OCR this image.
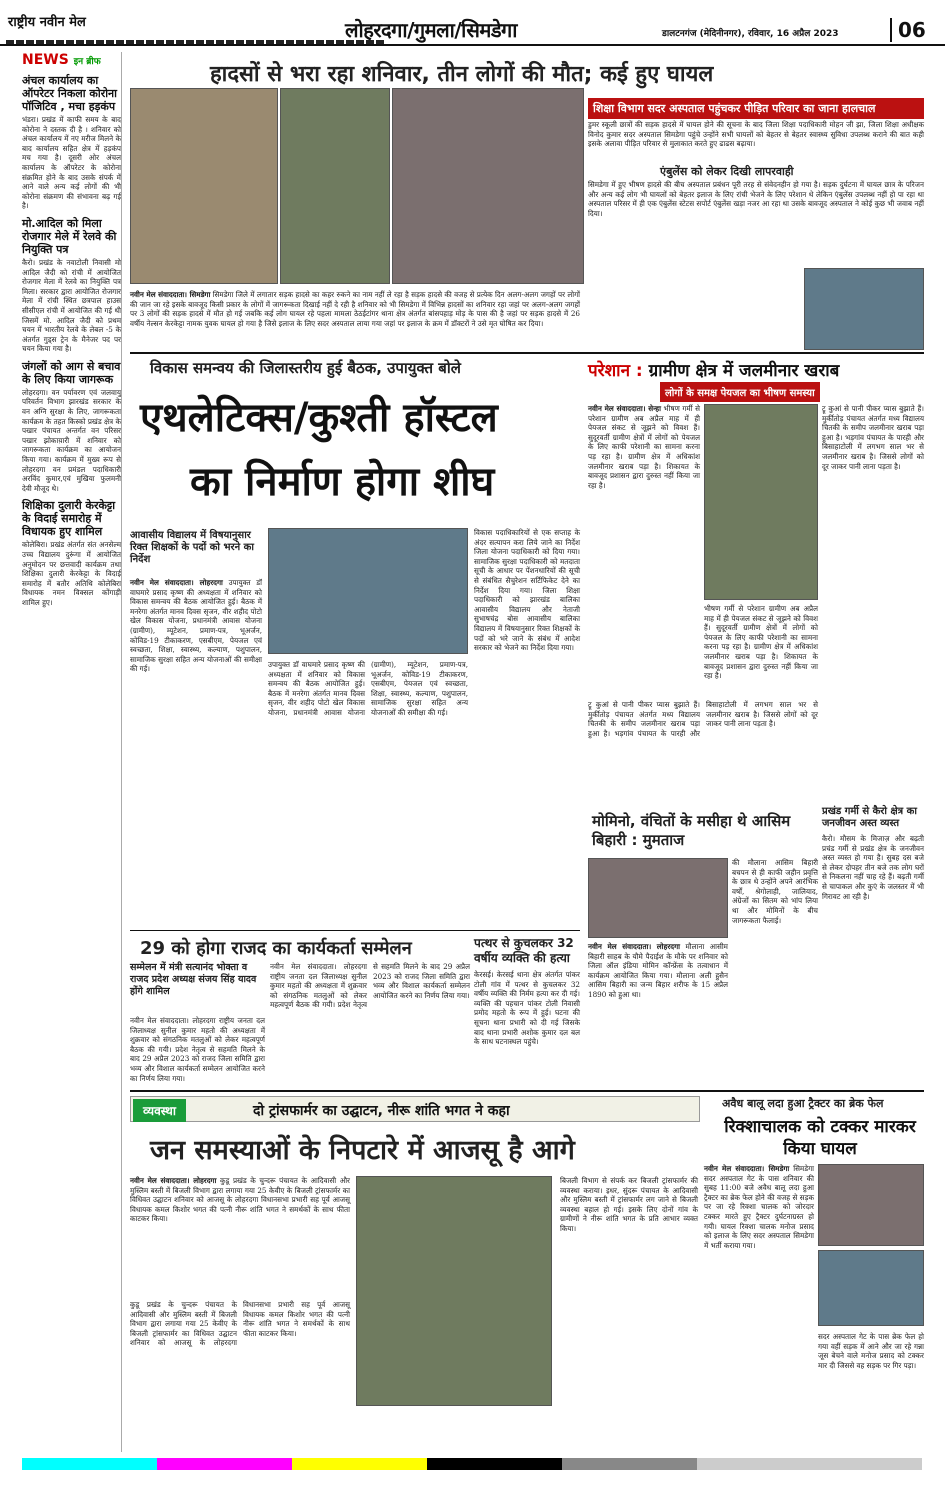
राष्ट्रीय नवीन मेल	लोहरदगा/गुमला/सिमडेगा	डालटनगंज (मेदिनीनगर), रविवार, 16 अप्रैल 2023	06
NEWS इन ब्रीफ
अंचल कार्यालय का ऑपरेटर निकला कोरोना पॉजिटिव , मचा हड़कंप
भंडरा। प्रखंड में काफी समय के बाद कोरोना ने दस्तक दी है । शनिवार को अंचल कार्यालय में नए मरीज मिलने के बाद कार्यालय सहित क्षेत्र में हड़कंप मच गया है। दूसरी ओर अंचल कार्यालय के ऑपरेटर के कोरोना संक्रमित होने के बाद उसके संपर्क में आने वाले अन्य कई लोगों की भी कोरोना संक्रमण की संभावना बढ़ गई है।
मो.आदिल को मिला रोजगार मेले में रेलवे की नियुक्ति पत्र
कैरो। प्रखंड के नवाटोली निवासी मो आदिल जैदी को रांची में आयोजित रोजगार मेला में रेलवे का नियुक्ति पत्र मिला। सरकार द्वारा आयोजित रोजगार मेला में रांची स्थित छत्रपाल हाउस सीसीएल रांची में आयोजित की गई थी जिसमें मो. आदिल जैदी को प्रथम चयन में भारतीय रेलवे के लेबल -5 के अंतर्गत गुड्स ट्रेन के मैनेजर पद पर चयन किया गया है।
जंगलों को आग से बचाव के लिए किया जागरूक
लोहरदगा। वन पर्यावरण एवं जलवायु परिवर्तन विभाग झारखंड सरकार के वन अग्नि सुरक्षा के लिए, जागरूकता कार्यक्रम के तहत किस्को प्रखंड क्षेत्र के पखार पंचायत अन्तर्गत वन परिसर पखार झोकाय़ारी में शनिवार को जागरूकता कार्यक्रम का आयोजन किया गया। कार्यक्रम में मुख्य रूप से लोहरदगा वन प्रमंडल पदाधिकारी अरविंद कुमार,एवं मुखिया फुलमनी देवी मौजूद थे।
शिक्षिका दुलारी केरकेट्टा के विदाई समारोह में विधायक हुए शामिल
कोलेबिरा। प्रखंड अंतर्गत संत अनसेल्म उच्च विद्यालय दुरूंगा में आयोजित अनुमोदन पर छत्तवादी कार्यक्रम तथा शिक्षिका दुलारी केरकेट्टा के विदाई समारोह में बतौर अतिथि कोलेबिरा विधायक नमन विक्सल कोंगाड़ी शामिल हुए।
हादसों से भरा रहा शनिवार, तीन लोगों की मौत; कई हुए घायल
शिक्षा विभाग सदर अस्पताल पहुंचकर पीड़ित परिवार का जाना हालचाल
डुमर स्कूली छात्रों की सड़क हादसे में घायल होने की सूचना के बाद जिला शिक्षा पदाधिकारी मोहन जी झा, जिला शिक्षा अधीक्षक विनोद कुमार सदर अस्पताल सिमडेगा पहुंचे उन्होंने सभी घायलों को बेहतर से बेहतर स्वास्थ्य सुविधा उपलब्ध कराने की बात कही इसके अलावा पीड़ित परिवार से मुलाकात करते हुए ढाढस बढ़ाया।
एंबुलेंस को लेकर दिखी लापरवाही
सिमडेगा में हुए भीषण हादसे की बीच अस्पताल प्रबंधन पूरी तरह से संवेदनहीन हो गया है। सड़क दुर्घटना में घायल छात्र के परिजन और अन्य कई लोग भी घायलों को बेहतर इलाज के लिए रांची भेजने के लिए परेशान थे लेकिन एंबुलेंस उपलब्ध नहीं हो पा रहा था अस्पताल परिसर में ही एक एंबुलेंस स्टेटस सपोर्ट एंबुलेंस खड़ा नजर आ रहा था उसके बावजूद अस्पताल ने कोई कुछ भी जवाब नहीं दिया।
नवीन मेल संवाददाता। सिमडेगा सिमडेगा जिले में लगातार सड़क हादसे का कहर रुकने का नाम नहीं ले रहा है सड़क हादसे की वजह से प्रत्येक दिन अलग-अलग जगहों पर लोगों की जान जा रहे इसके बावजूद किसी प्रकार के लोगों में जागरूकता दिखाई नहीं दे रही है शनिवार को भी सिमडेगा में विभिन्न हादसों का शनिवार रहा जहां पर अलग-अलग जगहों पर 3 लोगों की सड़क हादसे में मौत हो गई जबकि कई लोग घायल रहे पहला मामला ठेठईटांगर थाना क्षेत्र अंतर्गत बांसपहाड़ मोड़ के पास की है जहां पर सड़क हादसे में 26 वर्षीय नेल्सन केरकेट्टा नामक युवक घायल हो गया है जिसे इलाज के लिए सदर अस्पताल लाया गया जहां पर इलाज के क्रम में डॉक्टरों ने उसे मृत घोषित कर दिया।
विकास समन्वय की जिलास्तरीय हुई बैठक, उपायुक्त बोले
एथलेटिक्स/कुश्ती हॉस्टल
का निर्माण होगा शीघ
आवासीय विद्यालय में विषयानुसार रिक्त शिक्षकों के पदों को भरने का निर्देश
नवीन मेल संवाददाता। लोहरदगा उपायुक्त डॉ वाघमारे प्रसाद कृष्ण की अध्यक्षता में शनिवार को विकास समन्वय की बैठक आयोजित हुई। बैठक में मनरेगा अंतर्गत मानव दिवस सृजन, वीर शहीद पोटो खेल विकास योजना, प्रधानमंत्री आवास योजना (ग्रामीण), म्यूटेशन, प्रमाण-पत्र, भूअर्जन, कोविड-19 टीकाकरण, एसबीएम, पेयजल एवं स्वच्छता, शिक्षा, स्वास्थ्य, कल्याण, पशुपालन, सामाजिक सुरक्षा सहित अन्य योजनाओं की समीक्षा की गई।
विकास पदाधिकारियों से एक सप्ताह के अंदर सत्यापन करा लिये जाने का निर्देश जिला योजना पदाधिकारी को दिया गया। सामाजिक सुरक्षा पदाधिकारी को मतदाता सूची के आधार पर पेंशनधारियों की सूची से संबंधित सैचुरेशन सर्टिफिकेट देने का निर्देश दिया गया। जिला शिक्षा पदाधिकारी को झारखंड बालिका आवासीय विद्यालय और नेताजी सुभाषचंद्र बोस आवासीय बालिका विद्यालय में विषयानुसार रिक्त शिक्षकों के पदों को भरे जाने के संबंध में आदेश सरकार को भेजने का निर्देश दिया गया।
उपायुक्त डॉ वाघमारे प्रसाद कृष्ण की अध्यक्षता में शनिवार को विकास समन्वय की बैठक आयोजित हुई। बैठक में मनरेगा अंतर्गत मानव दिवस सृजन, वीर शहीद पोटो खेल विकास योजना, प्रधानमंत्री आवास योजना (ग्रामीण), म्यूटेशन, प्रमाण-पत्र, भूअर्जन, कोविड-19 टीकाकरण, एसबीएम, पेयजल एवं स्वच्छता, शिक्षा, स्वास्थ्य, कल्याण, पशुपालन, सामाजिक सुरक्षा सहित अन्य योजनाओं की समीक्षा की गई।
29 को होगा राजद का कार्यकर्ता सम्मेलन
सम्मेलन में मंत्री सत्यानंद भोक्ता व राजद प्रदेश अध्यक्ष संजय सिंह यादव होंगे शामिल
नवीन मेल संवाददाता। लोहरदगा राष्ट्रीय जनता दल जिलाध्यक्ष सुनील कुमार महतो की अध्यक्षता में शुक्रवार को संगठनिक मतलुओं को लेकर महत्वपूर्ण बैठक की गयी। प्रदेश नेतृत्व से सहमति मिलने के बाद 29 अप्रैल 2023 को राजद जिला समिति द्वारा भव्य और विशाल कार्यकर्ता सम्मेलन आयोजित करने का निर्णय लिया गया।
नवीन मेल संवाददाता। लोहरदगा राष्ट्रीय जनता दल जिलाध्यक्ष सुनील कुमार महतो की अध्यक्षता में शुक्रवार को संगठनिक मतलुओं को लेकर महत्वपूर्ण बैठक की गयी। प्रदेश नेतृत्व से सहमति मिलने के बाद 29 अप्रैल 2023 को राजद जिला समिति द्वारा भव्य और विशाल कार्यकर्ता सम्मेलन आयोजित करने का निर्णय लिया गया।
पत्थर से कुचलकर 32 वर्षीय व्यक्ति की हत्या
केरसई। केरसई थाना क्षेत्र अंतर्गत पांकर टोली गांव में पत्थर से कुचलकर 32 वर्षीय व्यक्ति की निर्मम हत्या कर दी गई। व्यक्ति की पहचान पांकर टोली निवासी प्रमोद महतो के रूप में हुई। घटना की सूचना थाना प्रभारी को दी गई जिसके बाद थाना प्रभारी अशोक कुमार दल बल के साथ घटनास्थल पहुंचे।
परेशान : ग्रामीण क्षेत्र में जलमीनार खराब
लोगों के समक्ष पेयजल का भीषण समस्या
नवीन मेल संवाददाता। सेन्हा भीषण गर्मी से परेशान ग्रामीण अब अप्रैल माह में ही पेयजल संकट से जूझने को विवश हैं। सुदूरवर्ती ग्रामीण क्षेत्रों में लोगों को पेयजल के लिए काफी परेशानी का सामना करना पड़ रहा है। ग्रामीण क्षेत्र में अधिकांश जलमीनार खराब पड़ा है। शिकायत के बावजूद प्रशासन द्वारा दुरुस्त नहीं किया जा रहा है।
ट्रू कुआं से पानी पीकर प्यास बुझाते हैं। मुर्कीतोड़ पंचायत अंतर्गत मध्य विद्यालय चितकी के समीप जलमीनार खराब पड़ा हुआ है। भड़गांव पंचायत के पारही और बिसाहाटोली में लगभग साल भर से जलमीनार खराब है। जिससे लोगों को दूर जाकर पानी लाना पड़ता है।
भीषण गर्मी से परेशान ग्रामीण अब अप्रैल माह में ही पेयजल संकट से जूझने को विवश हैं। सुदूरवर्ती ग्रामीण क्षेत्रों में लोगों को पेयजल के लिए काफी परेशानी का सामना करना पड़ रहा है। ग्रामीण क्षेत्र में अधिकांश जलमीनार खराब पड़ा है। शिकायत के बावजूद प्रशासन द्वारा दुरुस्त नहीं किया जा रहा है।
ट्रू कुआं से पानी पीकर प्यास बुझाते हैं। मुर्कीतोड़ पंचायत अंतर्गत मध्य विद्यालय चितकी के समीप जलमीनार खराब पड़ा हुआ है। भड़गांव पंचायत के पारही और बिसाहाटोली में लगभग साल भर से जलमीनार खराब है। जिससे लोगों को दूर जाकर पानी लाना पड़ता है।
मोमिनो, वंचितों के मसीहा थे आसिम बिहारी : मुमताज
नवीन मेल संवाददाता। लोहरदगा मौलाना आसीम बिहारी साहब के यौमे पैदाईश के मौके पर शनिवार को जिला ऑल इंडिया मोमिन कॉन्फ्रेंस के तत्वाधान में कार्यक्रम आयोजित किया गया। मौलाना अली हुसैन आसिम बिहारी का जन्म बिहार शरीफ के 15 अप्रैल 1890 को हुआ था।
की मौलाना आसिम बिहारी बचपन से ही काफी जहीन प्रवृत्ति के छात्र थे उन्होंने अपने आरंभिक वर्षों, श्रेगोलाही, जालियाद, अंग्रेजों का सितम को भांप लिया था और मोमिनों के बीच जागरूकता फैलाई।
प्रखंड गर्मी से कैरो क्षेत्र का जनजीवन अस्त व्यस्त
कैरो। मौसम के मिजाज़ और बढ़ती प्रचंड गर्मी से प्रखंड क्षेत्र के जनजीवन अस्त व्यस्त हो गया है। सुबह दस बजे से लेकर दोपहर तीन बजे तक लोग घरों से निकलना नहीं चाह रहे हैं। बढ़ती गर्मी से चापाकल और कुएं के जलस्तर में भी गिरावट आ रही है।
व्यवस्था	दो ट्रांसफार्मर का उद्घाटन, नीरू शांति भगत ने कहा
जन समस्याओं के निपटारे में आजसू है आगे
नवीन मेल संवाददाता। लोहरदगा कुडू प्रखंड के चुन्दरू पंचायत के आदिवासी और मुस्लिम बस्ती में बिजली विभाग द्वारा लगाया गया 25 केवीए के बिजली ट्रांसफार्मर का विधिवत उद्घाटन शनिवार को आजसू के लोहरदगा विधानसभा प्रभारी सह पूर्व आजसू विधायक कमल किशोर भगत की पत्नी नीरू शांति भगत ने समर्थकों के साथ फीता काटकर किया।
बिजली विभाग से संपर्क कर बिजली ट्रांसफार्मर की व्यवस्था कराया। इधर, सुंदरू पंचायत के आदिवासी और मुस्लिम बस्ती में ट्रांसफार्मर लग जाने से बिजली व्यवस्था बहाल हो गई। इसके लिए दोनों गांव के ग्रामीणों ने नीरू शांति भगत के प्रति आभार व्यक्त किया।
कुडू प्रखंड के चुन्दरू पंचायत के आदिवासी और मुस्लिम बस्ती में बिजली विभाग द्वारा लगाया गया 25 केवीए के बिजली ट्रांसफार्मर का विधिवत उद्घाटन शनिवार को आजसू के लोहरदगा विधानसभा प्रभारी सह पूर्व आजसू विधायक कमल किशोर भगत की पत्नी नीरू शांति भगत ने समर्थकों के साथ फीता काटकर किया।
अवैध बालू लदा हुआ ट्रैक्टर का ब्रेक फेल
रिक्शाचालक को टक्कर मारकर किया घायल
नवीन मेल संवाददाता। सिमडेगा सिमडेगा सदर अस्पताल गेट के पास शनिवार की सुबह 11:00 बजे अवैध बालू लदा हुआ ट्रैक्टर का ब्रेक फेल होने की वजह से सड़क पर जा रहे रिक्शा चालक को जोरदार टक्कर मारते हुए ट्रैक्टर दुर्घटनाग्रस्त हो गयी। घायल रिक्शा चालक मनोज प्रसाद को इलाज के लिए सदर अस्पताल सिमडेगा में भर्ती कराया गया।
सदर अस्पताल गेट के पास ब्रेक फेल हो गया वहीं सड़क में आने और जा रहे गन्ना जूस बेचने वाले मनोज प्रसाद को टक्कर मार दी जिससे वह सड़क पर गिर पड़ा।
